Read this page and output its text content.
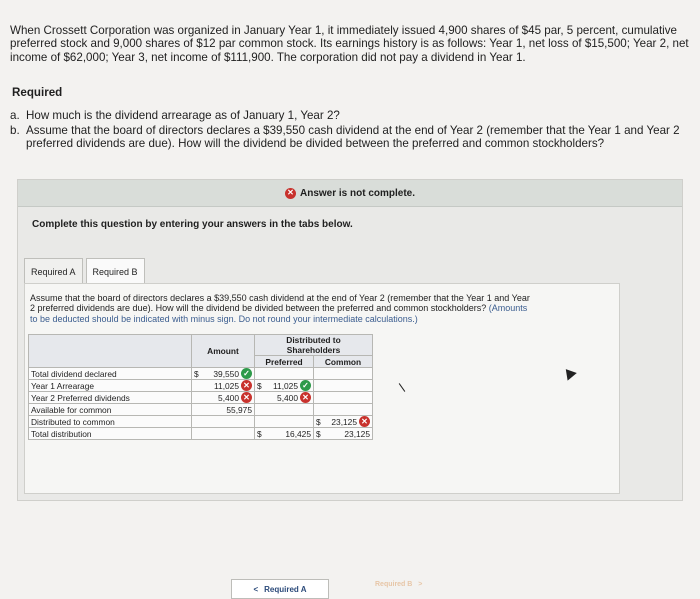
When Crossett Corporation was organized in January Year 1, it immediately issued 4,900 shares of $45 par, 5 percent, cumulative
preferred stock and 9,000 shares of $12 par common stock. Its earnings history is as follows: Year 1, net loss of $15,500; Year 2, net
income of $62,000; Year 3, net income of $111,900. The corporation did not pay a dividend in Year 1.
Required
a. How much is the dividend arrearage as of January 1, Year 2?
b. Assume that the board of directors declares a $39,550 cash dividend at the end of Year 2 (remember that the Year 1 and Year 2
preferred dividends are due). How will the dividend be divided between the preferred and common stockholders?
✕ Answer is not complete.
Complete this question by entering your answers in the tabs below.
Required A	Required B
Assume that the board of directors declares a $39,550 cash dividend at the end of Year 2 (remember that the Year 1 and Year
2 preferred dividends are due). How will the dividend be divided between the preferred and common stockholders? (Amounts
to be deducted should be indicated with minus sign. Do not round your intermediate calculations.)
	Amount	Distributed to
Shareholders	

		Preferred	Common
Total dividend declared	$ 39,550 ✓		

Year 1 Arrearage	11,025 ✕	$ 11,025 ✓	

Year 2 Preferred dividends	5,400 ✕	5,400 ✕	

Available for common	55,975		

Distributed to common			$ 23,125 ✕

Total distribution		$ 16,425	$ 23,125
< Required A	Required B >
